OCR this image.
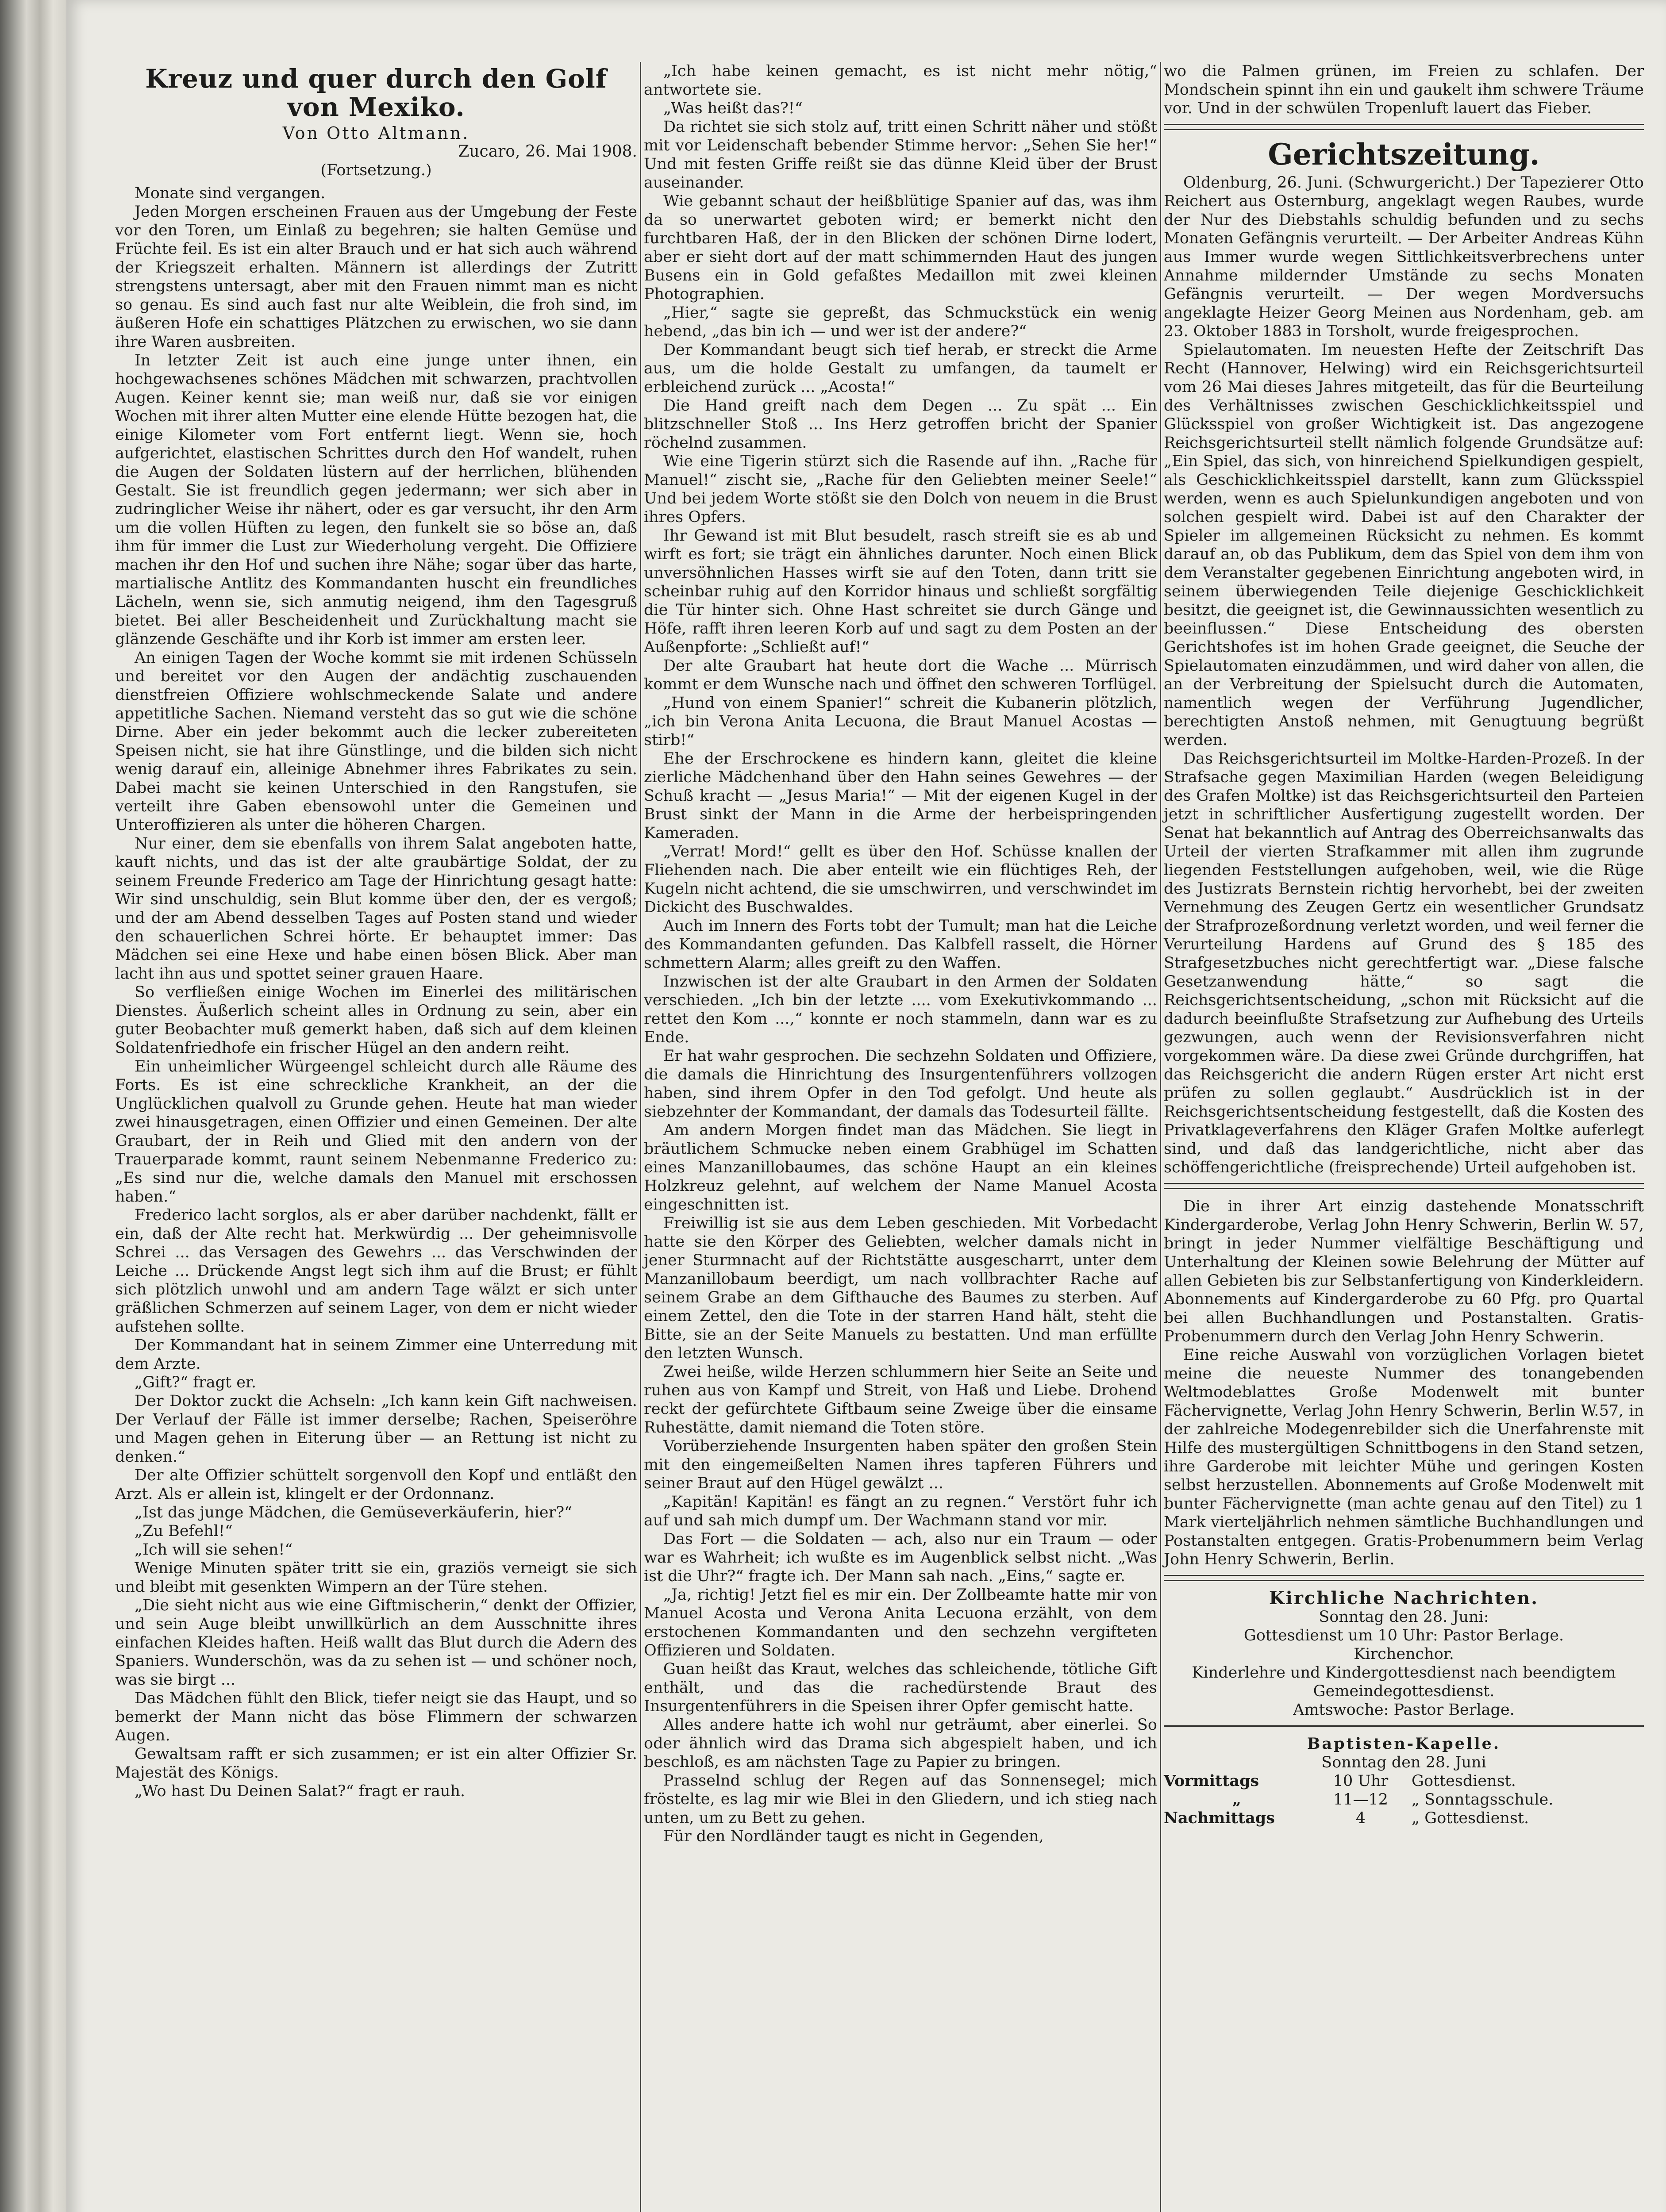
Kreuz und quer durch den Golf von Mexiko.

Von Otto Altmann.

Zucaro, 26. Mai 1908.

(Fortsetzung.)

Monate sind vergangen.

Jeden Morgen erscheinen Frauen aus der Umgebung der Feste vor den Toren, um Einlaß zu begehren; sie halten Gemüse und Früchte feil. Es ist ein alter Brauch und er hat sich auch während der Kriegszeit erhalten. Männern ist allerdings der Zutritt strengstens untersagt, aber mit den Frauen nimmt man es nicht so genau. Es sind auch fast nur alte Weiblein, die froh sind, im äußeren Hofe ein schattiges Plätzchen zu erwischen, wo sie dann ihre Waren ausbreiten.

In letzter Zeit ist auch eine junge unter ihnen, ein hochgewachsenes schönes Mädchen mit schwarzen, prachtvollen Augen. Keiner kennt sie; man weiß nur, daß sie vor einigen Wochen mit ihrer alten Mutter eine elende Hütte bezogen hat, die einige Kilometer vom Fort entfernt liegt. Wenn sie, hoch aufgerichtet, elastischen Schrittes durch den Hof wandelt, ruhen die Augen der Soldaten lüstern auf der herrlichen, blühenden Gestalt. Sie ist freundlich gegen jedermann; wer sich aber in zudringlicher Weise ihr nähert, oder es gar versucht, ihr den Arm um die vollen Hüften zu legen, den funkelt sie so böse an, daß ihm für immer die Lust zur Wiederholung vergeht. Die Offiziere machen ihr den Hof und suchen ihre Nähe; sogar über das harte, martialische Antlitz des Kommandanten huscht ein freundliches Lächeln, wenn sie, sich anmutig neigend, ihm den Tagesgruß bietet. Bei aller Bescheidenheit und Zurückhaltung macht sie glänzende Geschäfte und ihr Korb ist immer am ersten leer.

An einigen Tagen der Woche kommt sie mit irdenen Schüsseln und bereitet vor den Augen der andächtig zuschauenden dienstfreien Offiziere wohlschmeckende Salate und andere appetitliche Sachen. Niemand versteht das so gut wie die schöne Dirne. Aber ein jeder bekommt auch die lecker zubereiteten Speisen nicht, sie hat ihre Günstlinge, und die bilden sich nicht wenig darauf ein, alleinige Abnehmer ihres Fabrikates zu sein. Dabei macht sie keinen Unterschied in den Rangstufen, sie verteilt ihre Gaben ebensowohl unter die Gemeinen und Unteroffizieren als unter die höheren Chargen.

Nur einer, dem sie ebenfalls von ihrem Salat angeboten hatte, kauft nichts, und das ist der alte graubärtige Soldat, der zu seinem Freunde Frederico am Tage der Hinrichtung gesagt hatte: Wir sind unschuldig, sein Blut komme über den, der es vergoß; und der am Abend desselben Tages auf Posten stand und wieder den schauerlichen Schrei hörte. Er behauptet immer: Das Mädchen sei eine Hexe und habe einen bösen Blick. Aber man lacht ihn aus und spottet seiner grauen Haare.

So verfließen einige Wochen im Einerlei des militärischen Dienstes. Äußerlich scheint alles in Ordnung zu sein, aber ein guter Beobachter muß gemerkt haben, daß sich auf dem kleinen Soldatenfriedhofe ein frischer Hügel an den andern reiht.

Ein unheimlicher Würgeengel schleicht durch alle Räume des Forts. Es ist eine schreckliche Krankheit, an der die Unglücklichen qualvoll zu Grunde gehen. Heute hat man wieder zwei hinausgetragen, einen Offizier und einen Gemeinen. Der alte Graubart, der in Reih und Glied mit den andern von der Trauerparade kommt, raunt seinem Nebenmanne Frederico zu: „Es sind nur die, welche damals den Manuel mit erschossen haben.“

Frederico lacht sorglos, als er aber darüber nachdenkt, fällt er ein, daß der Alte recht hat. Merkwürdig ... Der geheimnisvolle Schrei ... das Versagen des Gewehrs ... das Verschwinden der Leiche ... Drückende Angst legt sich ihm auf die Brust; er fühlt sich plötzlich unwohl und am andern Tage wälzt er sich unter gräßlichen Schmerzen auf seinem Lager, von dem er nicht wieder aufstehen sollte.

Der Kommandant hat in seinem Zimmer eine Unterredung mit dem Arzte.

„Gift?“ fragt er.

Der Doktor zuckt die Achseln: „Ich kann kein Gift nachweisen. Der Verlauf der Fälle ist immer derselbe; Rachen, Speiseröhre und Magen gehen in Eiterung über — an Rettung ist nicht zu denken.“

Der alte Offizier schüttelt sorgenvoll den Kopf und entläßt den Arzt. Als er allein ist, klingelt er der Ordonnanz.

„Ist das junge Mädchen, die Gemüseverkäuferin, hier?“

„Zu Befehl!“

„Ich will sie sehen!“

Wenige Minuten später tritt sie ein, graziös verneigt sie sich und bleibt mit gesenkten Wimpern an der Türe stehen.

„Die sieht nicht aus wie eine Giftmischerin,“ denkt der Offizier, und sein Auge bleibt unwillkürlich an dem Ausschnitte ihres einfachen Kleides haften. Heiß wallt das Blut durch die Adern des Spaniers. Wunderschön, was da zu sehen ist — und schöner noch, was sie birgt ...

Das Mädchen fühlt den Blick, tiefer neigt sie das Haupt, und so bemerkt der Mann nicht das böse Flimmern der schwarzen Augen.

Gewaltsam rafft er sich zusammen; er ist ein alter Offizier Sr. Majestät des Königs.

„Wo hast Du Deinen Salat?“ fragt er rauh.

„Ich habe keinen gemacht, es ist nicht mehr nötig,“ antwortete sie.

„Was heißt das?!“

Da richtet sie sich stolz auf, tritt einen Schritt näher und stößt mit vor Leidenschaft bebender Stimme hervor: „Sehen Sie her!“ Und mit festen Griffe reißt sie das dünne Kleid über der Brust auseinander.

Wie gebannt schaut der heißblütige Spanier auf das, was ihm da so unerwartet geboten wird; er bemerkt nicht den furchtbaren Haß, der in den Blicken der schönen Dirne lodert, aber er sieht dort auf der matt schimmernden Haut des jungen Busens ein in Gold gefaßtes Medaillon mit zwei kleinen Photographien.

„Hier,“ sagte sie gepreßt, das Schmuckstück ein wenig hebend, „das bin ich — und wer ist der andere?“

Der Kommandant beugt sich tief herab, er streckt die Arme aus, um die holde Gestalt zu umfangen, da taumelt er erbleichend zurück ... „Acosta!“

Die Hand greift nach dem Degen ... Zu spät ... Ein blitzschneller Stoß ... Ins Herz getroffen bricht der Spanier röchelnd zusammen.

Wie eine Tigerin stürzt sich die Rasende auf ihn. „Rache für Manuel!“ zischt sie, „Rache für den Geliebten meiner Seele!“ Und bei jedem Worte stößt sie den Dolch von neuem in die Brust ihres Opfers.

Ihr Gewand ist mit Blut besudelt, rasch streift sie es ab und wirft es fort; sie trägt ein ähnliches darunter. Noch einen Blick unversöhnlichen Hasses wirft sie auf den Toten, dann tritt sie scheinbar ruhig auf den Korridor hinaus und schließt sorgfältig die Tür hinter sich. Ohne Hast schreitet sie durch Gänge und Höfe, rafft ihren leeren Korb auf und sagt zu dem Posten an der Außenpforte: „Schließt auf!“

Der alte Graubart hat heute dort die Wache ... Mürrisch kommt er dem Wunsche nach und öffnet den schweren Torflügel.

„Hund von einem Spanier!“ schreit die Kubanerin plötzlich, „ich bin Verona Anita Lecuona, die Braut Manuel Acostas — stirb!“

Ehe der Erschrockene es hindern kann, gleitet die kleine zierliche Mädchenhand über den Hahn seines Gewehres — der Schuß kracht — „Jesus Maria!“ — Mit der eigenen Kugel in der Brust sinkt der Mann in die Arme der herbeispringenden Kameraden.

„Verrat! Mord!“ gellt es über den Hof. Schüsse knallen der Fliehenden nach. Die aber enteilt wie ein flüchtiges Reh, der Kugeln nicht achtend, die sie umschwirren, und verschwindet im Dickicht des Buschwaldes.

Auch im Innern des Forts tobt der Tumult; man hat die Leiche des Kommandanten gefunden. Das Kalbfell rasselt, die Hörner schmettern Alarm; alles greift zu den Waffen.

Inzwischen ist der alte Graubart in den Armen der Soldaten verschieden. „Ich bin der letzte .... vom Exekutivkommando ... rettet den Kom ...,“ konnte er noch stammeln, dann war es zu Ende.

Er hat wahr gesprochen. Die sechzehn Soldaten und Offiziere, die damals die Hinrichtung des Insurgentenführers vollzogen haben, sind ihrem Opfer in den Tod gefolgt. Und heute als siebzehnter der Kommandant, der damals das Todesurteil fällte.

Am andern Morgen findet man das Mädchen. Sie liegt in bräutlichem Schmucke neben einem Grabhügel im Schatten eines Manzanillobaumes, das schöne Haupt an ein kleines Holzkreuz gelehnt, auf welchem der Name Manuel Acosta eingeschnitten ist.

Freiwillig ist sie aus dem Leben geschieden. Mit Vorbedacht hatte sie den Körper des Geliebten, welcher damals nicht in jener Sturmnacht auf der Richtstätte ausgescharrt, unter dem Manzanillobaum beerdigt, um nach vollbrachter Rache auf seinem Grabe an dem Gifthauche des Baumes zu sterben. Auf einem Zettel, den die Tote in der starren Hand hält, steht die Bitte, sie an der Seite Manuels zu bestatten. Und man erfüllte den letzten Wunsch.

Zwei heiße, wilde Herzen schlummern hier Seite an Seite und ruhen aus von Kampf und Streit, von Haß und Liebe. Drohend reckt der gefürchtete Giftbaum seine Zweige über die einsame Ruhestätte, damit niemand die Toten störe.

Vorüberziehende Insurgenten haben später den großen Stein mit den eingemeißelten Namen ihres tapferen Führers und seiner Braut auf den Hügel gewälzt ...

„Kapitän! Kapitän! es fängt an zu regnen.“ Verstört fuhr ich auf und sah mich dumpf um. Der Wachmann stand vor mir.

Das Fort — die Soldaten — ach, also nur ein Traum — oder war es Wahrheit; ich wußte es im Augenblick selbst nicht. „Was ist die Uhr?“ fragte ich. Der Mann sah nach. „Eins,“ sagte er.

„Ja, richtig! Jetzt fiel es mir ein. Der Zollbeamte hatte mir von Manuel Acosta und Verona Anita Lecuona erzählt, von dem erstochenen Kommandanten und den sechzehn vergifteten Offizieren und Soldaten.

Guan heißt das Kraut, welches das schleichende, tötliche Gift enthält, und das die rachedürstende Braut des Insurgentenführers in die Speisen ihrer Opfer gemischt hatte.

Alles andere hatte ich wohl nur geträumt, aber einerlei. So oder ähnlich wird das Drama sich abgespielt haben, und ich beschloß, es am nächsten Tage zu Papier zu bringen.

Prasselnd schlug der Regen auf das Sonnensegel; mich fröstelte, es lag mir wie Blei in den Gliedern, und ich stieg nach unten, um zu Bett zu gehen.

Für den Nordländer taugt es nicht in Gegenden,

wo die Palmen grünen, im Freien zu schlafen. Der Mondschein spinnt ihn ein und gaukelt ihm schwere Träume vor. Und in der schwülen Tropenluft lauert das Fieber.

Gerichtszeitung.

Oldenburg, 26. Juni. (Schwurgericht.) Der Tapezierer Otto Reichert aus Osternburg, angeklagt wegen Raubes, wurde der Nur des Diebstahls schuldig befunden und zu sechs Monaten Gefängnis verurteilt. — Der Arbeiter Andreas Kühn aus Immer wurde wegen Sittlichkeitsverbrechens unter Annahme mildernder Umstände zu sechs Monaten Gefängnis verurteilt. — Der wegen Mordversuchs angeklagte Heizer Georg Meinen aus Nordenham, geb. am 23. Oktober 1883 in Torsholt, wurde freigesprochen.

Spielautomaten. Im neuesten Hefte der Zeitschrift Das Recht (Hannover, Helwing) wird ein Reichsgerichtsurteil vom 26 Mai dieses Jahres mitgeteilt, das für die Beurteilung des Verhältnisses zwischen Geschicklichkeitsspiel und Glücksspiel von großer Wichtigkeit ist. Das angezogene Reichsgerichtsurteil stellt nämlich folgende Grundsätze auf: „Ein Spiel, das sich, von hinreichend Spielkundigen gespielt, als Geschicklichkeitsspiel darstellt, kann zum Glücksspiel werden, wenn es auch Spielunkundigen angeboten und von solchen gespielt wird. Dabei ist auf den Charakter der Spieler im allgemeinen Rücksicht zu nehmen. Es kommt darauf an, ob das Publikum, dem das Spiel von dem ihm von dem Veranstalter gegebenen Einrichtung angeboten wird, in seinem überwiegenden Teile diejenige Geschicklichkeit besitzt, die geeignet ist, die Gewinnaussichten wesentlich zu beeinflussen.“ Diese Entscheidung des obersten Gerichtshofes ist im hohen Grade geeignet, die Seuche der Spielautomaten einzudämmen, und wird daher von allen, die an der Verbreitung der Spielsucht durch die Automaten, namentlich wegen der Verführung Jugendlicher, berechtigten Anstoß nehmen, mit Genugtuung begrüßt werden.

Das Reichsgerichtsurteil im Moltke-Harden-Prozeß. In der Strafsache gegen Maximilian Harden (wegen Beleidigung des Grafen Moltke) ist das Reichsgerichtsurteil den Parteien jetzt in schriftlicher Ausfertigung zugestellt worden. Der Senat hat bekanntlich auf Antrag des Oberreichsanwalts das Urteil der vierten Strafkammer mit allen ihm zugrunde liegenden Feststellungen aufgehoben, weil, wie die Rüge des Justizrats Bernstein richtig hervorhebt, bei der zweiten Vernehmung des Zeugen Gertz ein wesentlicher Grundsatz der Strafprozeßordnung verletzt worden, und weil ferner die Verurteilung Hardens auf Grund des § 185 des Strafgesetzbuches nicht gerechtfertigt war. „Diese falsche Gesetzanwendung hätte,“ so sagt die Reichsgerichtsentscheidung, „schon mit Rücksicht auf die dadurch beeinflußte Strafsetzung zur Aufhebung des Urteils gezwungen, auch wenn der Revisionsverfahren nicht vorgekommen wäre. Da diese zwei Gründe durchgriffen, hat das Reichsgericht die andern Rügen erster Art nicht erst prüfen zu sollen geglaubt.“ Ausdrücklich ist in der Reichsgerichtsentscheidung festgestellt, daß die Kosten des Privatklageverfahrens den Kläger Grafen Moltke auferlegt sind, und daß das landgerichtliche, nicht aber das schöffengerichtliche (freisprechende) Urteil aufgehoben ist.

Die in ihrer Art einzig dastehende Monatsschrift Kindergarderobe, Verlag John Henry Schwerin, Berlin W. 57, bringt in jeder Nummer vielfältige Beschäftigung und Unterhaltung der Kleinen sowie Belehrung der Mütter auf allen Gebieten bis zur Selbstanfertigung von Kinderkleidern. Abonnements auf Kindergarderobe zu 60 Pfg. pro Quartal bei allen Buchhandlungen und Postanstalten. Gratis-Probenummern durch den Verlag John Henry Schwerin.

Eine reiche Auswahl von vorzüglichen Vorlagen bietet meine die neueste Nummer des tonangebenden Weltmodeblattes Große Modenwelt mit bunter Fächervignette, Verlag John Henry Schwerin, Berlin W.57, in der zahlreiche Modegenrebilder sich die Unerfahrenste mit Hilfe des mustergültigen Schnittbogens in den Stand setzen, ihre Garderobe mit leichter Mühe und geringen Kosten selbst herzustellen. Abonnements auf Große Modenwelt mit bunter Fächervignette (man achte genau auf den Titel) zu 1 Mark vierteljährlich nehmen sämtliche Buchhandlungen und Postanstalten entgegen. Gratis-Probenummern beim Verlag John Henry Schwerin, Berlin.

Kirchliche Nachrichten.

Sonntag den 28. Juni:

Gottesdienst um 10 Uhr: Pastor Berlage.

Kirchenchor.

Kinderlehre und Kindergottesdienst nach beendigtem Gemeindegottesdienst.

Amtswoche: Pastor Berlage.

Baptisten-Kapelle.

Sonntag den 28. Juni

Vormittags	10 Uhr	Gottesdienst.
„	11—12	„ Sonntagsschule.
Nachmittags	4	„ Gottesdienst.
